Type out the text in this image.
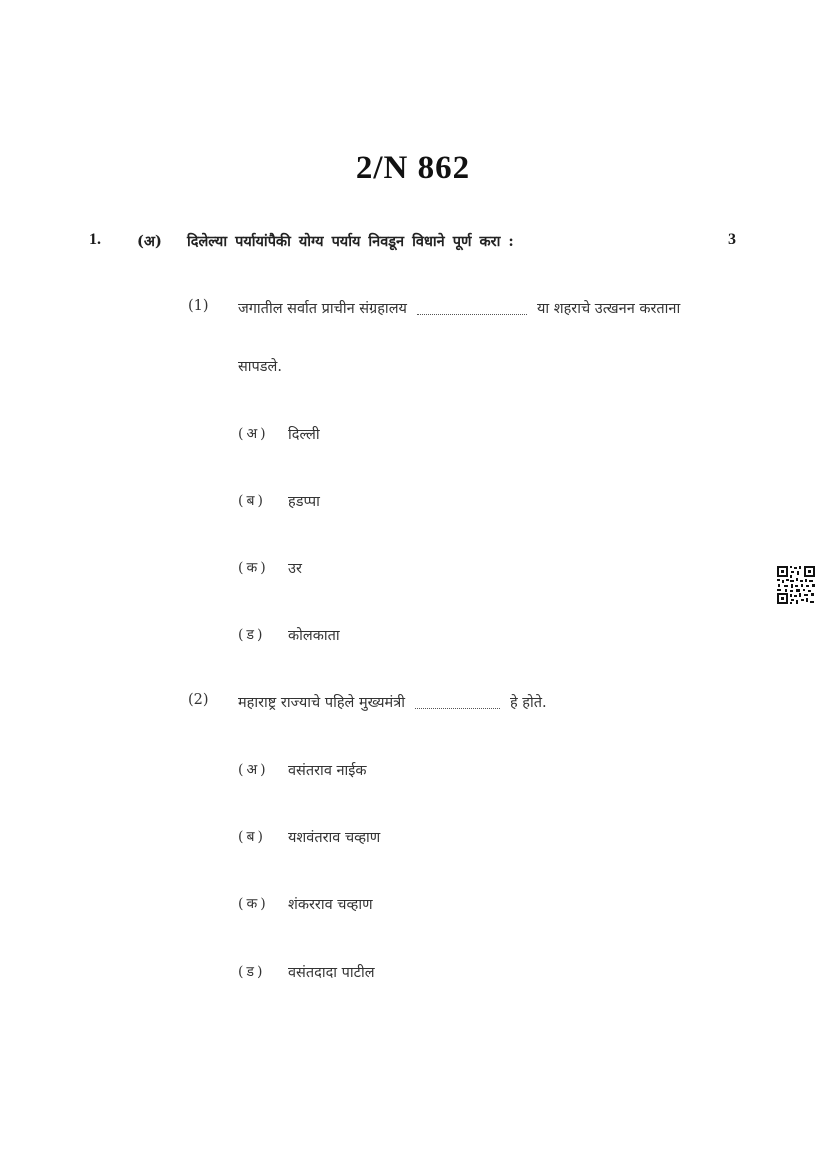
2/N 862
1. (अ) दिलेल्या पर्यायांपैकी योग्य पर्याय निवडून विधाने पूर्ण करा :	3
(1) जगातील सर्वात प्राचीन संग्रहालय	या शहराचे उत्खनन करताना
सापडले.
(अ) दिल्ली
(ब) हडप्पा
(क) उर
(ड) कोलकाता
(2) महाराष्ट्र राज्याचे पहिले मुख्यमंत्री	हे होते.
(अ) वसंतराव नाईक
(ब) यशवंतराव चव्हाण
(क) शंकरराव चव्हाण
(ड) वसंतदादा पाटील
